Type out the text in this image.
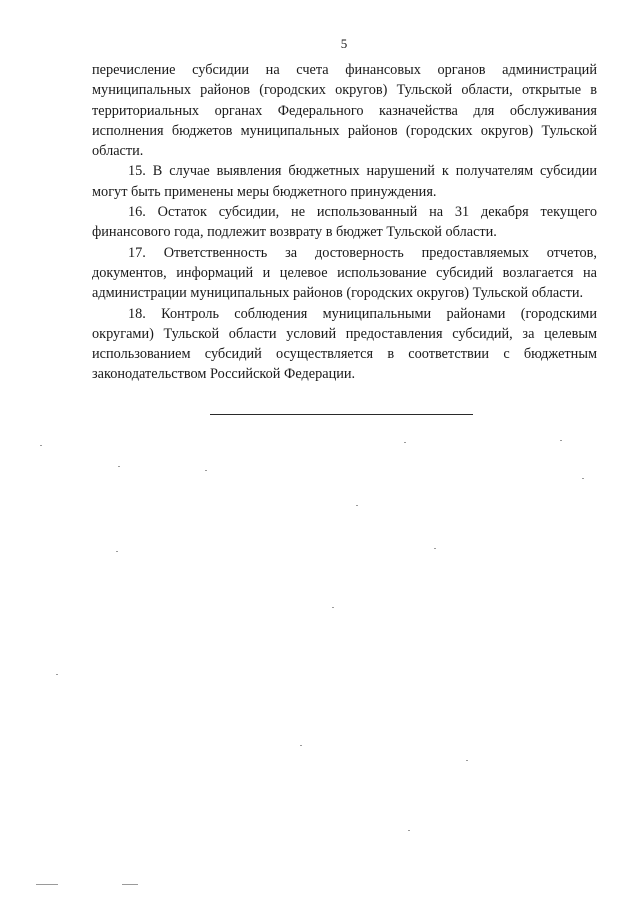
5

перечисление субсидии на счета финансовых органов администраций муниципальных районов (городских округов) Тульской области, открытые в территориальных органах Федерального казначейства для обслуживания исполнения бюджетов муниципальных районов (городских округов) Тульской области.

15. В случае выявления бюджетных нарушений к получателям субсидии могут быть применены меры бюджетного принуждения.

16. Остаток субсидии, не использованный на 31 декабря текущего финансового года, подлежит возврату в бюджет Тульской области.

17. Ответственность за достоверность предоставляемых отчетов, документов, информаций и целевое использование субсидий возлагается на администрации муниципальных районов (городских округов) Тульской области.

18. Контроль соблюдения муниципальными районами (городскими округами) Тульской области условий предоставления субсидий, за целевым использованием субсидий осуществляется в соответствии с бюджетным законодательством Российской Федерации.
